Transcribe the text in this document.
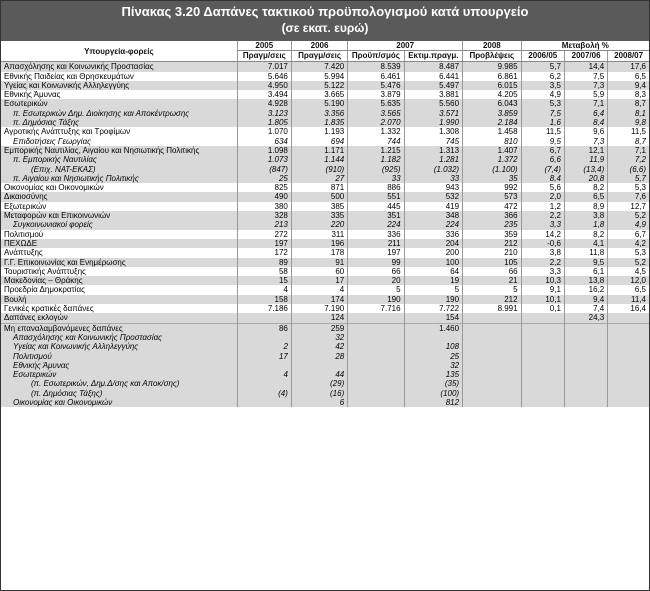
Πίνακας 3.20 Δαπάνες τακτικού προϋπολογισμού κατά υπουργείο
(σε εκατ. ευρώ)
Υπουργεία-φορείς	2005	2006	2007		2008	Μεταβολή %		
	Πραγμ/σεις	Πραγμ/σεις	Προϋπ/σμός	Εκτιμ.πραγμ.	Προβλέψεις	2006/05	2007/06	2008/07
Απασχόλησης και Κοινωνικής Προστασίας	7.017	7.420	8.539	8.487	9.985	5,7	14,4	17,6
Εθνικής Παιδείας και Θρησκευμάτων	5.646	5.994	6.461	6.441	6.861	6,2	7,5	6,5
Υγείας και Κοινωνικής Αλληλεγγύης	4.950	5.122	5.476	5.497	6.015	3,5	7,3	9,4
Εθνικής Άμυνας	3.494	3.665	3.879	3.881	4.205	4,9	5,9	8,3
Εσωτερικών	4.928	5.190	5.635	5.560	6.043	5,3	7,1	8,7
π. Εσωτερικών Δημ. Διοίκησης και Αποκέντρωσης	3.123	3.356	3.565	3.571	3.859	7,5	6,4	8,1
π. Δημόσιας Τάξης	1.805	1.835	2.070	1.990	2.184	1,6	8,4	9,8
Αγροτικής Ανάπτυξης και Τροφίμων	1.070	1.193	1.332	1.308	1.458	11,5	9,6	11,5
Επιδοτήσεις Γεωργίας	634	694	744	745	810	9,5	7,3	8,7
Εμπορικής Ναυτιλίας, Αιγαίου και Νησιωτικής Πολιτικής	1.098	1.171	1.215	1.313	1.407	6,7	12,1	7,1
π. Εμπορικής Ναυτιλίας	1.073	1.144	1.182	1.281	1.372	6,6	11,9	7,2
(Επιχ. ΝΑΤ-ΕΚΑΣ)	(847)	(910)	(925)	(1.032)	(1.100)	(7,4)	(13,4)	(6,6)
π. Αιγαίου και Νησιωτικής Πολιτικής	25	27	33	33	35	8,4	20,8	5,7
Οικονομίας και Οικονομικών	825	871	886	943	992	5,6	8,2	5,3
Δικαιοσύνης	490	500	551	532	573	2,0	6,5	7,6
Εξωτερικών	380	385	445	419	472	1,2	8,9	12,7
Μεταφορών και Επικοινωνιών	328	335	351	348	366	2,2	3,8	5,2
Συγκοινωνιακοί φορείς	213	220	224	224	235	3,3	1,8	4,9
Πολιτισμού	272	311	336	336	359	14,2	8,2	6,7
ΠΕΧΩΔΕ	197	196	211	204	212	-0,6	4,1	4,2
Ανάπτυξης	172	178	197	200	210	3,8	11,8	5,3
Γ.Γ. Επικοινωνίας και Ενημέρωσης	89	91	99	100	105	2,2	9,5	5,2
Τουριστικής Ανάπτυξης	58	60	66	64	66	3,3	6,1	4,5
Μακεδονίας – Θράκης	15	17	20	19	21	10,3	13,8	12,0
Προεδρία Δημοκρατίας	4	4	5	5	5	9,1	16,2	6,5
Βουλή	158	174	190	190	212	10,1	9,4	11,4
Γενικές κρατικές δαπάνες	7.186	7.190	7.716	7.722	8.991	0,1	7,4	16,4
Δαπάνες εκλογών		124		154			24,3	
Μη επαναλαμβανόμενες δαπάνες	86	259		1.460				
Απασχόλησης και Κοινωνικής Προστασίας		32						
Υγείας και Κοινωνικής Αλληλεγγύης	2	42		108				
Πολιτισμού	17	28		25				
Εθνικής Άμυνας				32				
Εσωτερικών	4	44		135				
(π. Εσωτερικών, Δημ.Δ/σης και Αποκ/σης)		(29)		(35)				
(π. Δημόσιας Τάξης)	(4)	(16)		(100)				
Οικονομίας και Οικονομικών		6		812				
